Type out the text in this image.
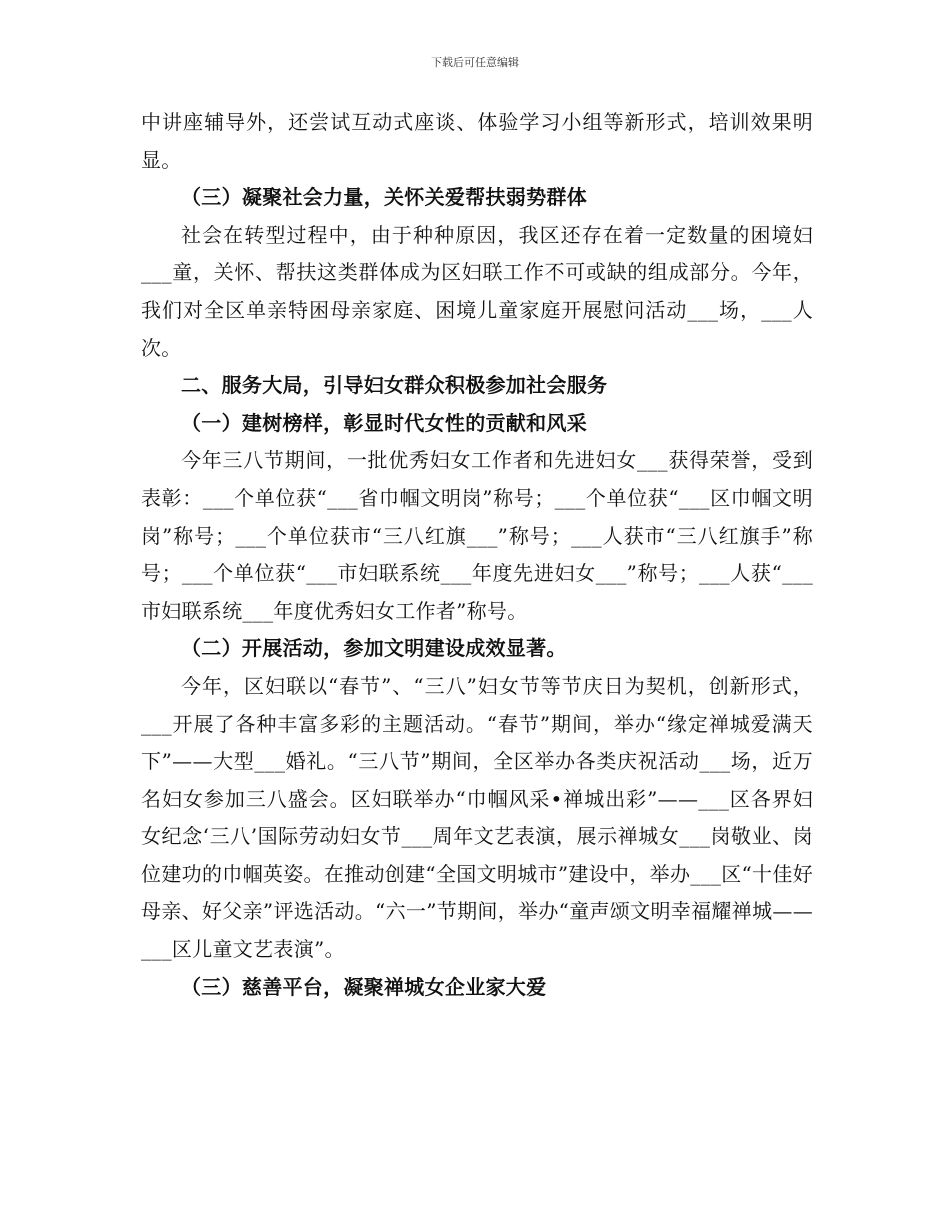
下载后可任意编辑

中讲座辅导外，还尝试互动式座谈、体验学习小组等新形式，培训效果明显。

（三）凝聚社会力量，关怀关爱帮扶弱势群体

社会在转型过程中，由于种种原因，我区还存在着一定数量的困境妇___童，关怀、帮扶这类群体成为区妇联工作不可或缺的组成部分。今年，我们对全区单亲特困母亲家庭、困境儿童家庭开展慰问活动___场，___人次。

二、服务大局，引导妇女群众积极参加社会服务

（一）建树榜样，彰显时代女性的贡献和风采

今年三八节期间，一批优秀妇女工作者和先进妇女___获得荣誉，受到表彰：___个单位获“___省巾帼文明岗”称号；___个单位获“___区巾帼文明岗”称号；___个单位获市“三八红旗___”称号；___人获市“三八红旗手”称号；___个单位获“___市妇联系统___年度先进妇女___”称号；___人获“___市妇联系统___年度优秀妇女工作者”称号。

（二）开展活动，参加文明建设成效显著。

今年，区妇联以“春节”、“三八”妇女节等节庆日为契机，创新形式，___开展了各种丰富多彩的主题活动。“春节”期间，举办“缘定禅城爱满天下”——大型___婚礼。“三八节”期间，全区举办各类庆祝活动___场，近万名妇女参加三八盛会。区妇联举办“巾帼风采•禅城出彩”——___区各界妇女纪念‘三八’国际劳动妇女节___周年文艺表演，展示禅城女___岗敬业、岗位建功的巾帼英姿。在推动创建“全国文明城市”建设中，举办___区“十佳好母亲、好父亲”评选活动。“六一”节期间，举办“童声颂文明幸福耀禅城——___区儿童文艺表演”。

（三）慈善平台，凝聚禅城女企业家大爱
